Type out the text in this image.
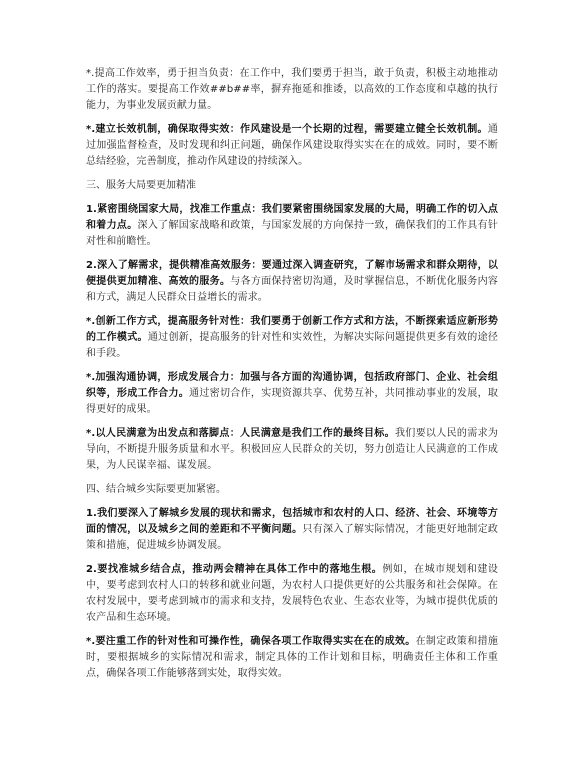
*.提高工作效率，勇于担当负责：在工作中，我们要勇于担当，敢于负责，积极主动地推动工作的落实。要提高工作效##b##率，摒弃拖延和推诿，以高效的工作态度和卓越的执行能力，为事业发展贡献力量。

*.建立长效机制，确保取得实效：作风建设是一个长期的过程，需要建立健全长效机制。通过加强监督检查，及时发现和纠正问题，确保作风建设取得实实在在的成效。同时，要不断总结经验，完善制度，推动作风建设的持续深入。

三、服务大局要更加精准

1.紧密围绕国家大局，找准工作重点：我们要紧密围绕国家发展的大局，明确工作的切入点和着力点。深入了解国家战略和政策，与国家发展的方向保持一致，确保我们的工作具有针对性和前瞻性。

2.深入了解需求，提供精准高效服务：要通过深入调查研究，了解市场需求和群众期待，以便提供更加精准、高效的服务。与各方面保持密切沟通，及时掌握信息，不断优化服务内容和方式，满足人民群众日益增长的需求。

*.创新工作方式，提高服务针对性：我们要勇于创新工作方式和方法，不断探索适应新形势的工作模式。通过创新，提高服务的针对性和实效性，为解决实际问题提供更多有效的途径和手段。

*.加强沟通协调，形成发展合力：加强与各方面的沟通协调，包括政府部门、企业、社会组织等，形成工作合力。通过密切合作，实现资源共享、优势互补，共同推动事业的发展，取得更好的成果。

*.以人民满意为出发点和落脚点：人民满意是我们工作的最终目标。我们要以人民的需求为导向，不断提升服务质量和水平。积极回应人民群众的关切，努力创造让人民满意的工作成果，为人民谋幸福、谋发展。

四、结合城乡实际要更加紧密。

1.我们要深入了解城乡发展的现状和需求，包括城市和农村的人口、经济、社会、环境等方面的情况，以及城乡之间的差距和不平衡问题。只有深入了解实际情况，才能更好地制定政策和措施，促进城乡协调发展。

2.要找准城乡结合点，推动两会精神在具体工作中的落地生根。例如，在城市规划和建设中，要考虑到农村人口的转移和就业问题，为农村人口提供更好的公共服务和社会保障。在农村发展中，要考虑到城市的需求和支持，发展特色农业、生态农业等，为城市提供优质的农产品和生态环境。

*.要注重工作的针对性和可操作性，确保各项工作取得实实在在的成效。在制定政策和措施时，要根据城乡的实际情况和需求，制定具体的工作计划和目标，明确责任主体和工作重点，确保各项工作能够落到实处，取得实效。
